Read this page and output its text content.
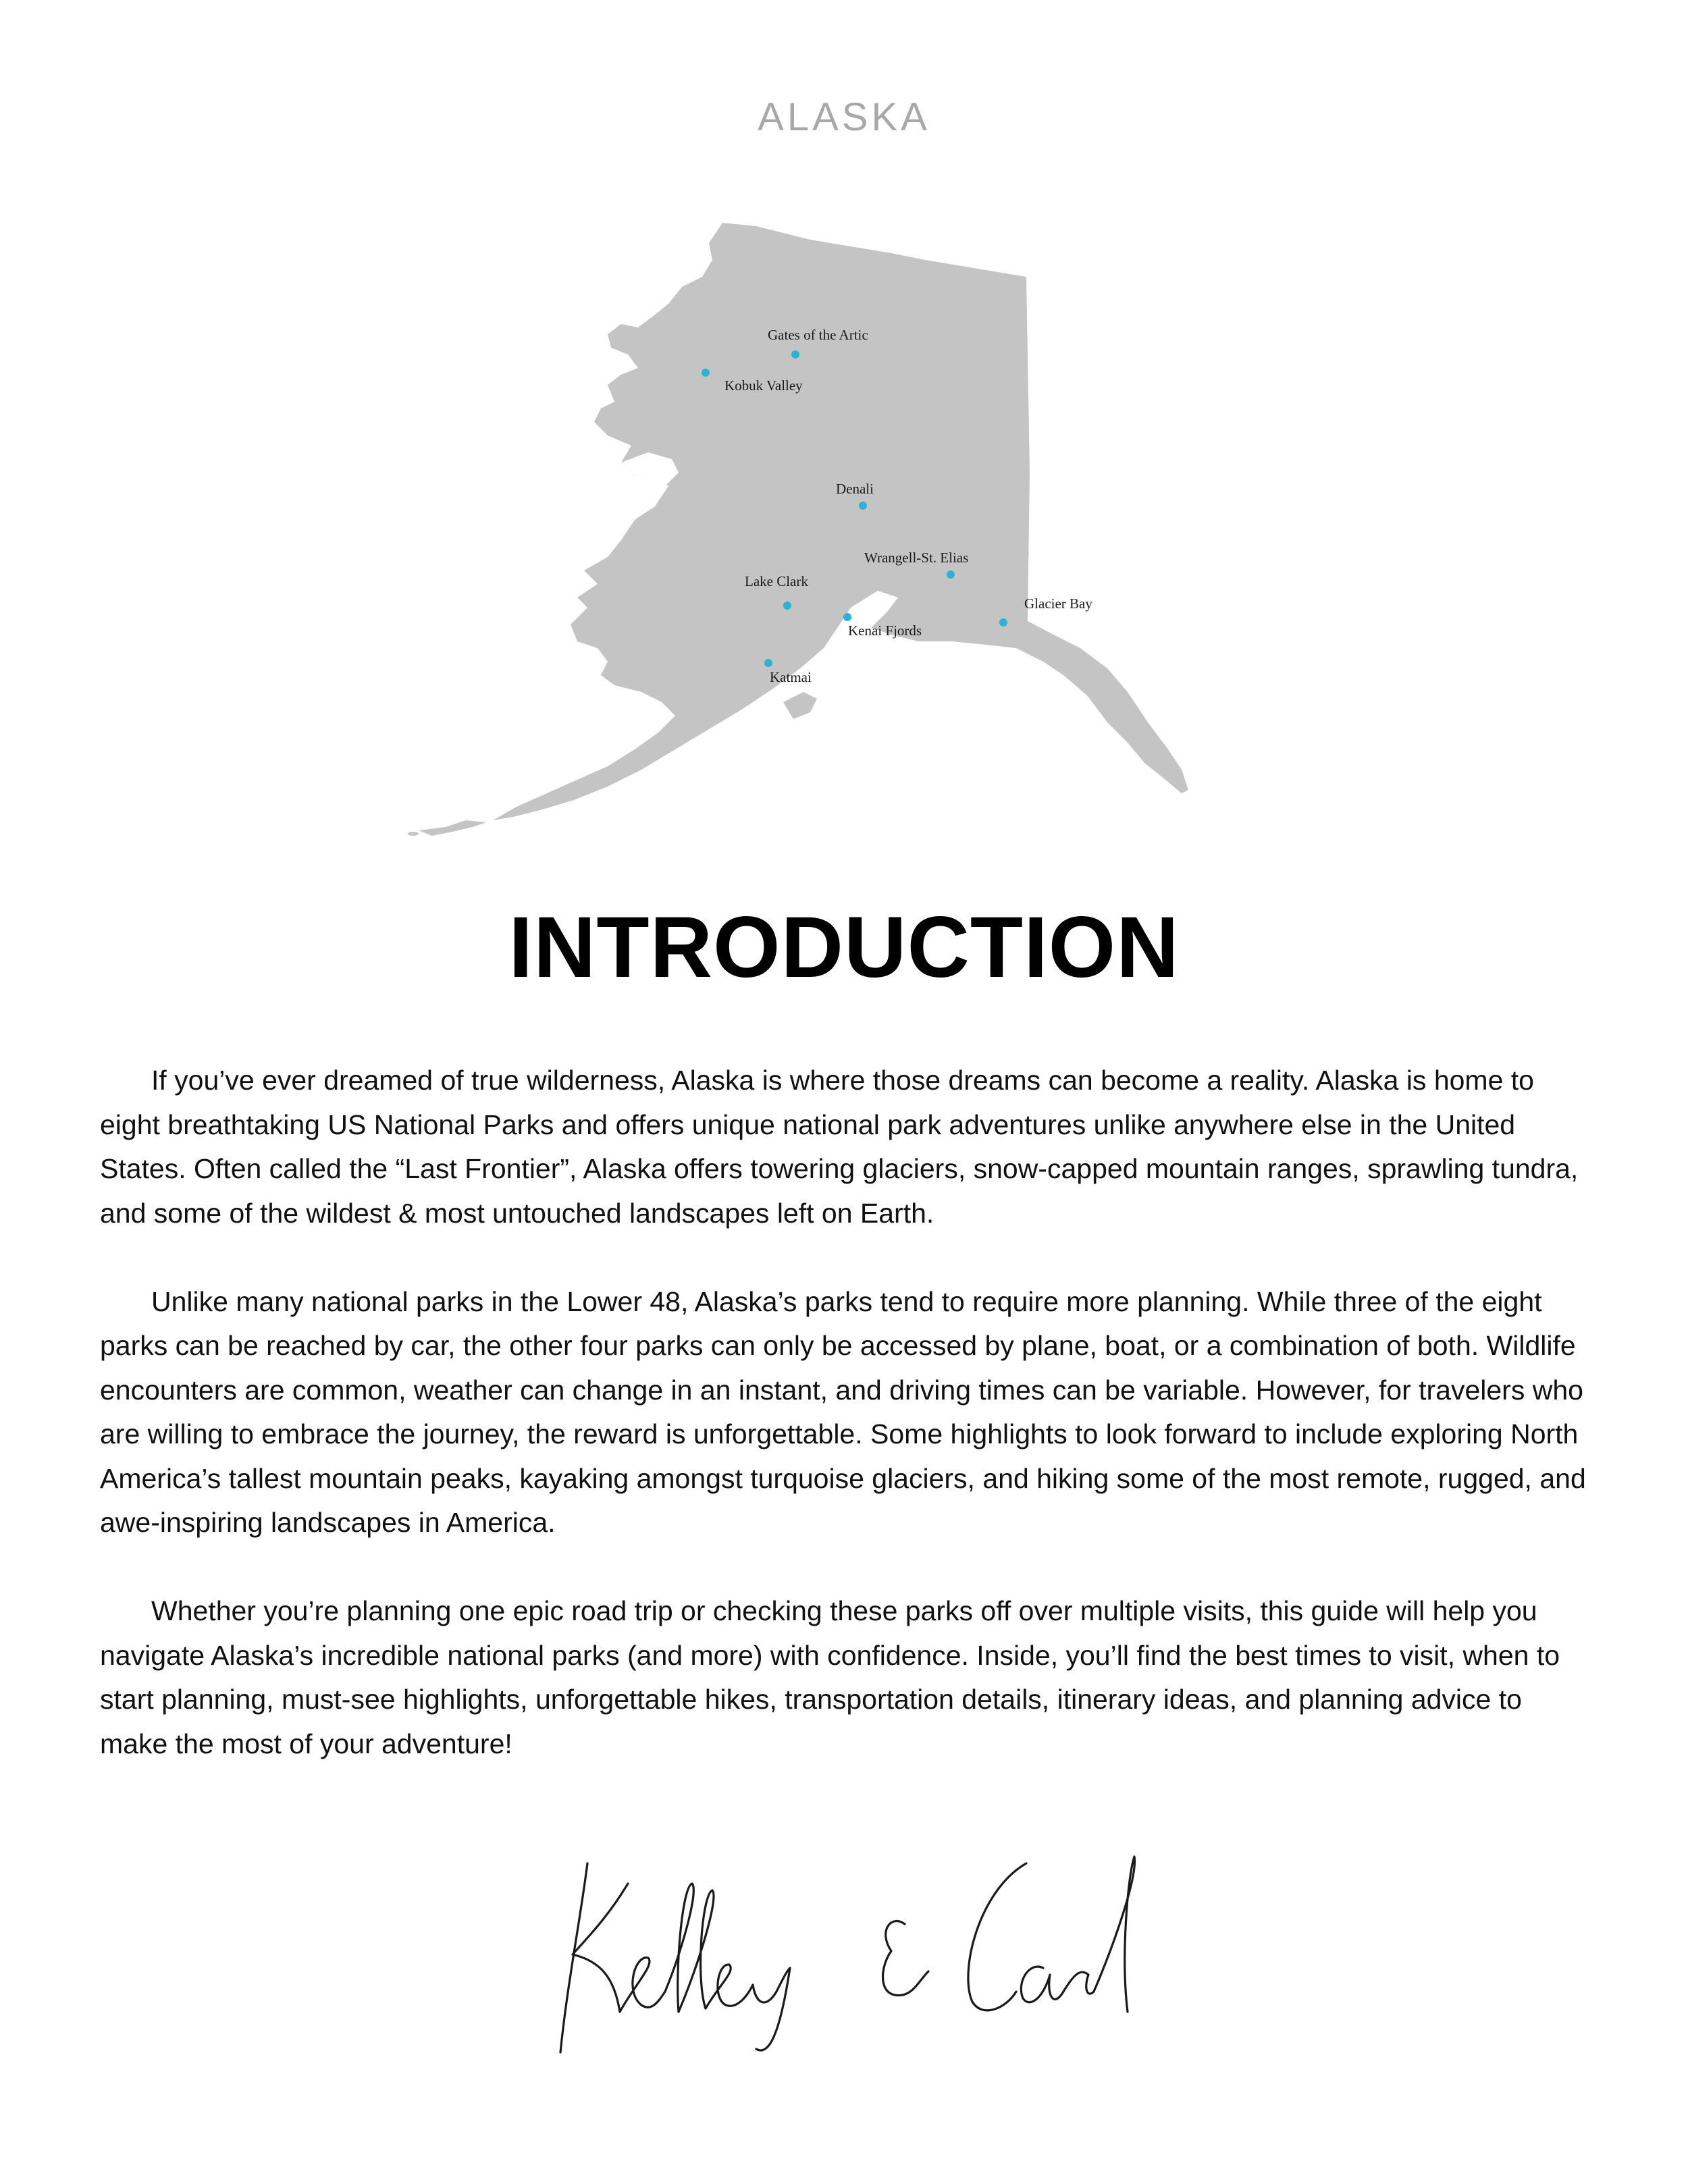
ALASKA
Gates of the Artic
Kobuk Valley
Denali
Wrangell-St. Elias
Lake Clark
Glacier Bay
Kenai Fjords
Katmai
INTRODUCTION

If you’ve ever dreamed of true wilderness, Alaska is where those dreams can become a reality. Alaska is home to eight breathtaking US National Parks and offers unique national park adventures unlike anywhere else in the United States. Often called the “Last Frontier”, Alaska offers towering glaciers, snow-capped mountain ranges, sprawling tundra, and some of the wildest & most untouched landscapes left on Earth.

Unlike many national parks in the Lower 48, Alaska’s parks tend to require more planning. While three of the eight parks can be reached by car, the other four parks can only be accessed by plane, boat, or a combination of both. Wildlife encounters are common, weather can change in an instant, and driving times can be variable. However, for travelers who are willing to embrace the journey, the reward is unforgettable. Some highlights to look forward to include exploring North America’s tallest mountain peaks, kayaking amongst turquoise glaciers, and hiking some of the most remote, rugged, and awe-inspiring landscapes in America.

Whether you’re planning one epic road trip or checking these parks off over multiple visits, this guide will help you navigate Alaska’s incredible national parks (and more) with confidence. Inside, you’ll find the best times to visit, when to start planning, must-see highlights, unforgettable hikes, transportation details, itinerary ideas, and planning advice to make the most of your adventure!
